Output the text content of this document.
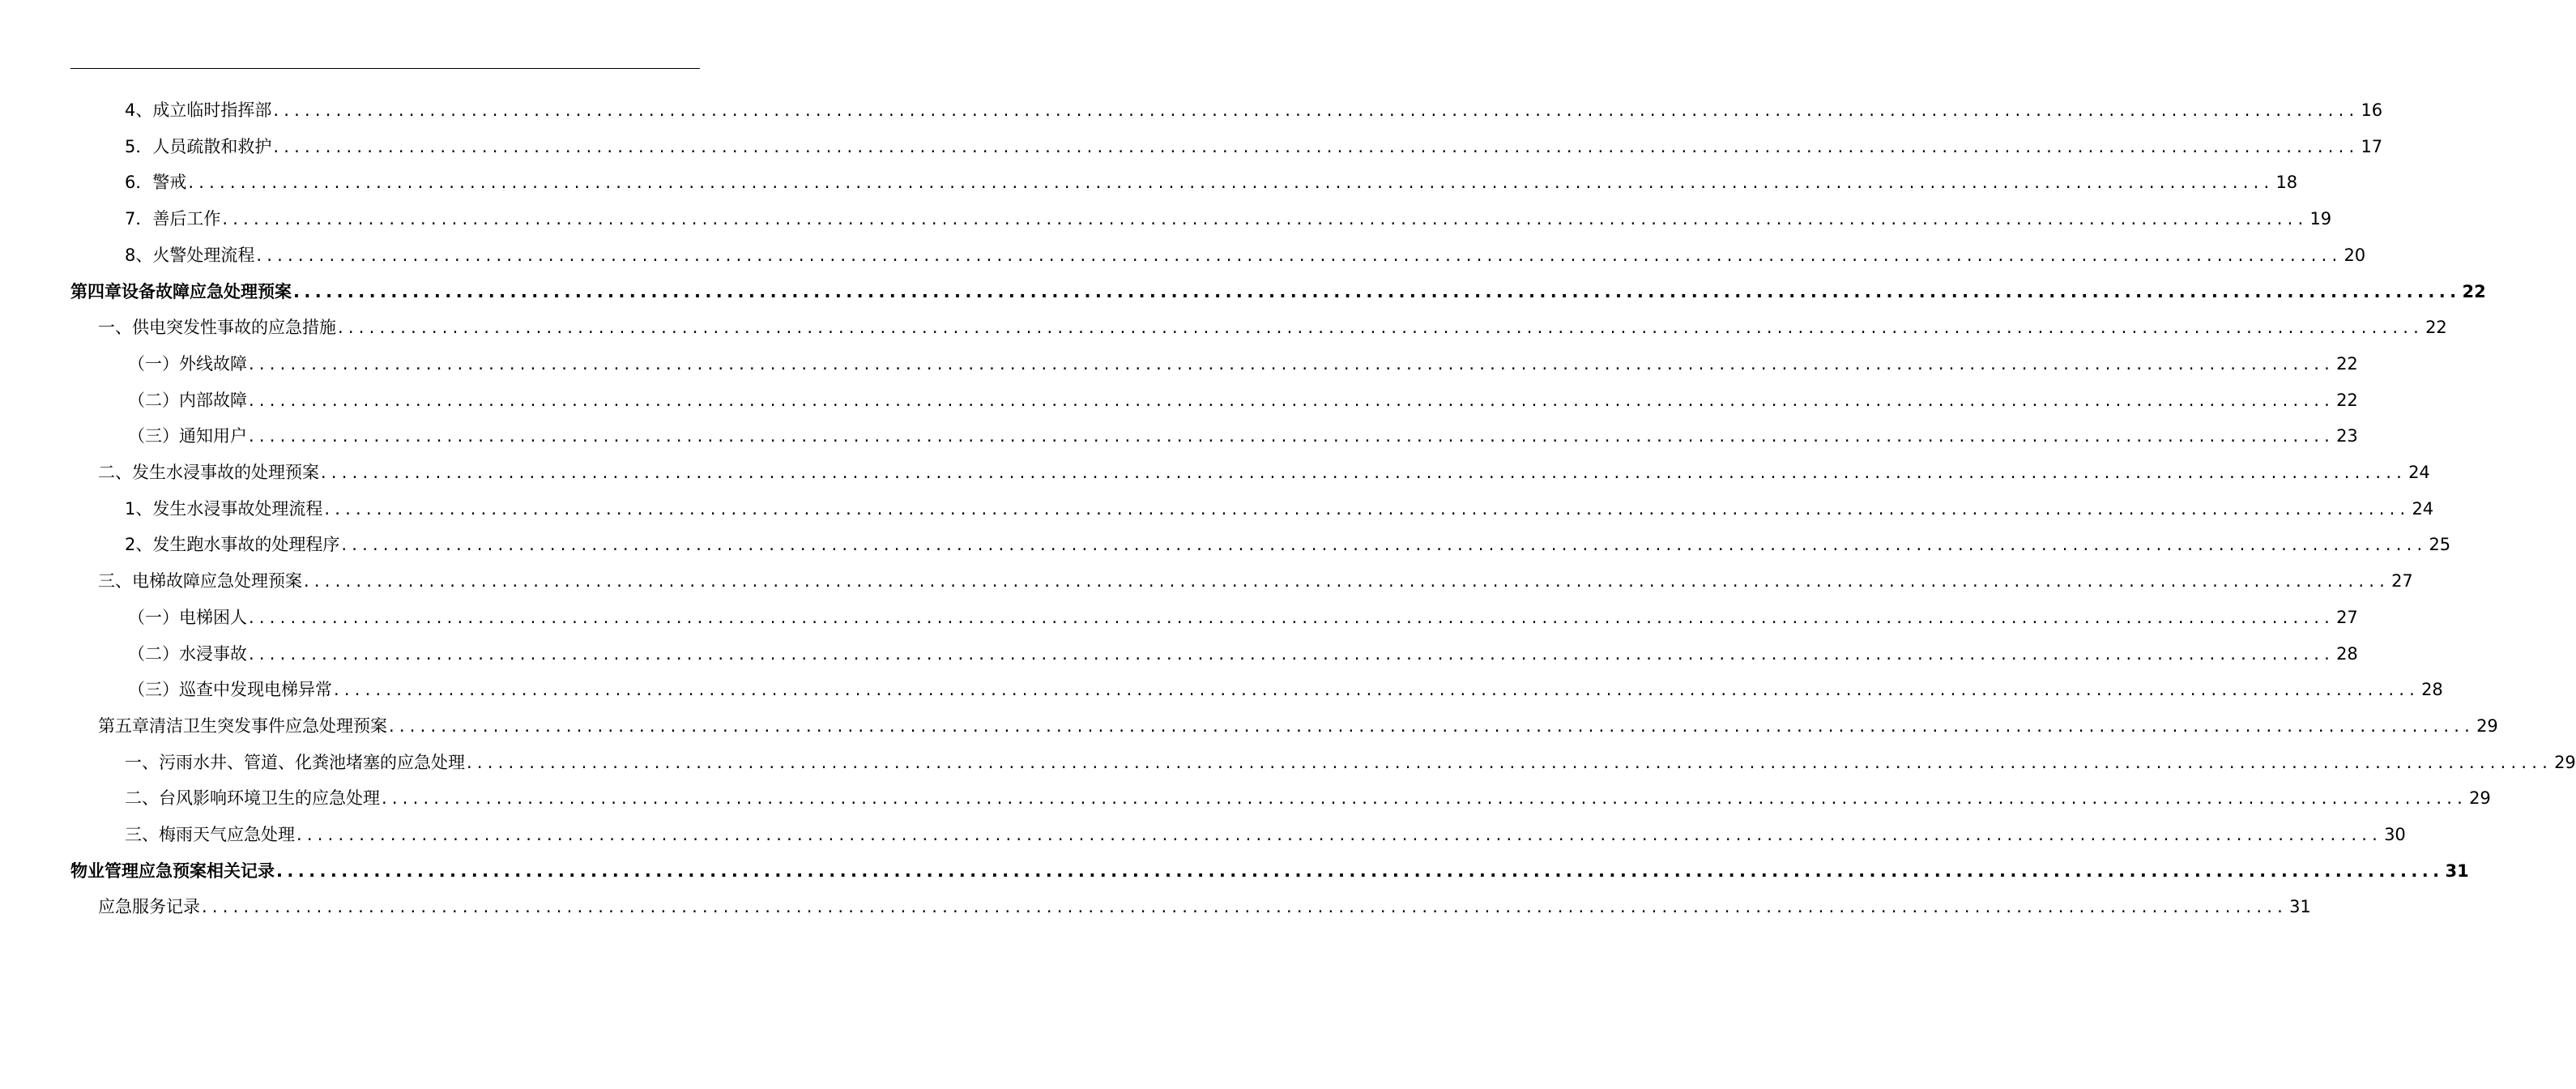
4、成立临时指挥部 ........................................................................................................................................................................................................ 16
5．人员疏散和救护 ........................................................................................................................................................................................................ 17
6．警戒 ........................................................................................................................................................................................................ 18
7．善后工作 ........................................................................................................................................................................................................ 19
8、火警处理流程 ........................................................................................................................................................................................................ 20
第四章设备故障应急处理预案 ........................................................................................................................................................................................................ 22
一、供电突发性事故的应急措施 ........................................................................................................................................................................................................ 22
（一）外线故障 ........................................................................................................................................................................................................ 22
（二）内部故障 ........................................................................................................................................................................................................ 22
（三）通知用户 ........................................................................................................................................................................................................ 23
二、发生水浸事故的处理预案 ........................................................................................................................................................................................................ 24
1、发生水浸事故处理流程 ........................................................................................................................................................................................................ 24
2、发生跑水事故的处理程序 ........................................................................................................................................................................................................ 25
三、电梯故障应急处理预案 ........................................................................................................................................................................................................ 27
（一）电梯困人 ........................................................................................................................................................................................................ 27
（二）水浸事故 ........................................................................................................................................................................................................ 28
（三）巡查中发现电梯异常 ........................................................................................................................................................................................................ 28
第五章清洁卫生突发事件应急处理预案 ........................................................................................................................................................................................................ 29
一、污雨水井、管道、化粪池堵塞的应急处理 ........................................................................................................................................................................................................ 29
二、台风影响环境卫生的应急处理 ........................................................................................................................................................................................................ 29
三、梅雨天气应急处理 ........................................................................................................................................................................................................ 30
物业管理应急预案相关记录 ........................................................................................................................................................................................................ 31
应急服务记录 ........................................................................................................................................................................................................ 31
